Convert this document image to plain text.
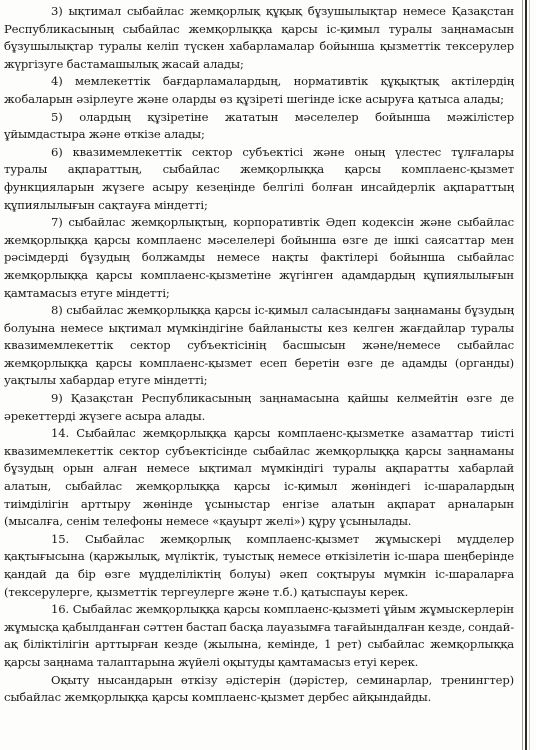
3) ықтимал сыбайлас жемқорлық құқық бұзушылықтар немесе Қазақстан Республикасының сыбайлас жемқорлыққа қарсы іс-қимыл туралы заңнамасын бұзушылықтар туралы келіп түскен хабарламалар бойынша қызметтік тексерулер жүргізуге бастамашылық жасай алады;

4) мемлекеттік бағдарламалардың, нормативтік құқықтық актілердің жобаларын әзірлеуге және оларды өз құзіреті шегінде іске асыруға қатыса алады;

5) олардың құзіретіне жататын мәселелер бойынша мәжілістер ұйымдастыра және өткізе алады;

6) квазимемлекеттік сектор субъектісі және оның үлестес тұлғалары туралы ақпараттың, сыбайлас жемқорлыққа қарсы комплаенс-қызмет функцияларын жүзеге асыру кезеңінде белгілі болған инсайдерлік ақпараттың құпиялылығын сақтауға міндетті;

7) сыбайлас жемқорлықтың, корпоративтік Әдеп кодексін және сыбайлас жемқорлыққа қарсы комплаенс мәселелері бойынша өзге де ішкі саясаттар мен рәсімдерді бұзудың болжамды немесе нақты фактілері бойынша сыбайлас жемқорлыққа қарсы комплаенс-қызметіне жүгінген адамдардың құпиялылығын қамтамасыз етуге міндетті;

8) сыбайлас жемқорлыққа қарсы іс-қимыл саласындағы заңнаманы бұзудың болуына немесе ықтимал мүмкіндігіне байланысты кез келген жағдайлар туралы квазимемлекеттік сектор субъектісінің басшысын және/немесе сыбайлас жемқорлыққа қарсы комплаенс-қызмет есеп беретін өзге де адамды (органды) уақтылы хабардар етуге міндетті;

9) Қазақстан Республикасының заңнамасына қайшы келмейтін өзге де әрекеттерді жүзеге асыра алады.

14. Сыбайлас жемқорлыққа қарсы комплаенс-қызметке азаматтар тиісті квазимемлекеттік сектор субъектісінде сыбайлас жемқорлыққа қарсы заңнаманы бұзудың орын алған немесе ықтимал мүмкіндігі туралы ақпаратты хабарлай алатын, сыбайлас жемқорлыққа қарсы іс-қимыл жөніндегі іс-шаралардың тиімділігін арттыру жөнінде ұсыныстар енгізе алатын ақпарат арналарын (мысалға, сенім телефоны немесе «қауырт желі») құру ұсынылады.

15. Сыбайлас жемқорлық комплаенс-қызмет жұмыскері мүдделер қақтығысына (қаржылық, мүліктік, туыстық немесе өткізілетін іс-шара шеңберінде қандай да бір өзге мүдделіліктің болуы) әкеп соқтыруы мүмкін іс-шараларға (тексерулерге, қызметтік тергеулерге және т.б.) қатыспауы керек.

16. Сыбайлас жемқорлыққа қарсы комплаенс-қызметі ұйым жұмыскерлерін жұмысқа қабылданған сәттен бастап басқа лауазымға тағайындалған кезде, сондай-ақ біліктілігін арттырған кезде (жылына, кемінде, 1 рет) сыбайлас жемқорлыққа қарсы заңнама талаптарына жүйелі оқытуды қамтамасыз етуі керек.

Оқыту нысандарын өткізу әдістерін (дәрістер, семинарлар, тренингтер) сыбайлас жемқорлыққа қарсы комплаенс-қызмет дербес айқындайды.
